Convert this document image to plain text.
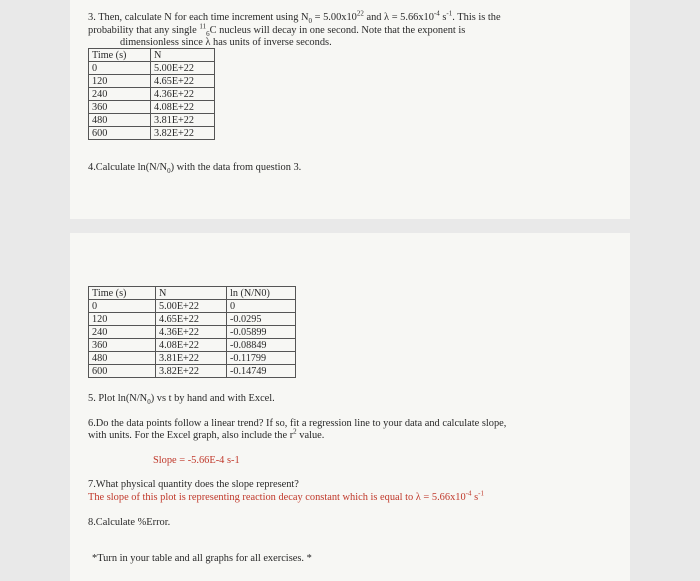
3. Then, calculate N for each time increment using $N_0 = 5.00x10^{22}$ and $\lambda = 5.66x10^{-4}$ $s^{-1}$. This is the
probability that any single $^{11}_6$C nucleus will decay in one second. Note that the exponent is
dimensionless since λ has units of inverse seconds.
Time (s)	N
0	5.00E+22
120	4.65E+22
240	4.36E+22
360	4.08E+22
480	3.81E+22
600	3.82E+22
4.Calculate $\ln(N/N_0)$ with the data from question 3.
Time (s)	N	ln (N/N0)
0	5.00E+22	0
120	4.65E+22	-0.0295
240	4.36E+22	-0.05899
360	4.08E+22	-0.08849
480	3.81E+22	-0.11799
600	3.82E+22	-0.14749
5. Plot $\ln(N/N_0)$ vs t by hand and with Excel.
6.Do the data points follow a linear trend? If so, fit a regression line to your data and calculate slope,
with units. For the Excel graph, also include the $r^2$ value.
Slope = -5.66E-4 s-1
7.What physical quantity does the slope represent?
The slope of this plot is representing reaction decay constant which is equal to $\lambda = 5.66x10^{-4}$ $s^{-1}$
8.Calculate %Error.
*Turn in your table and all graphs for all exercises. *
